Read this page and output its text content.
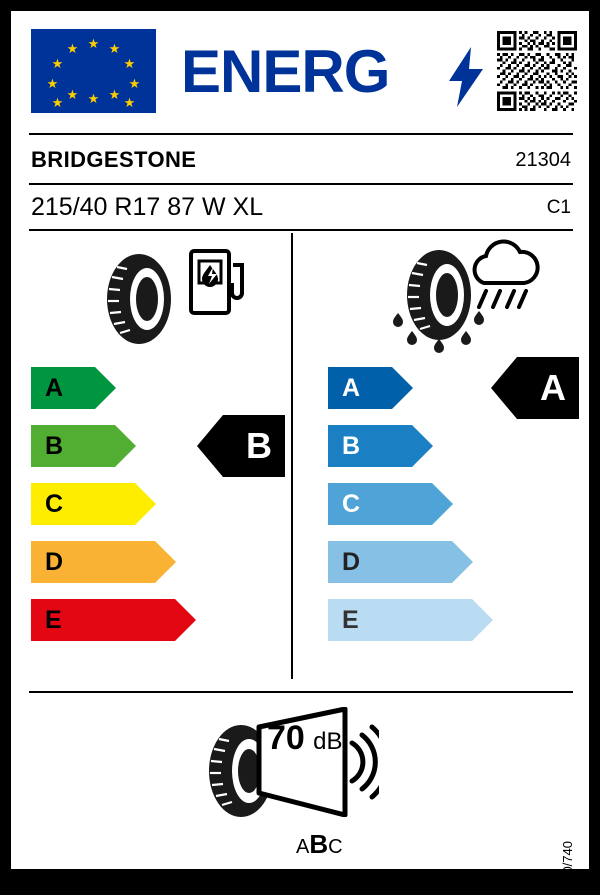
★ ★
★
★
★
★
★
★
★
★
★
★ ENERG
BRIDGESTONE	21304
215/40 R17 87 W XL	C1
A
B
C
D
E
B
A
B
C
D
E
A
70 dB
ABC	2020/740
